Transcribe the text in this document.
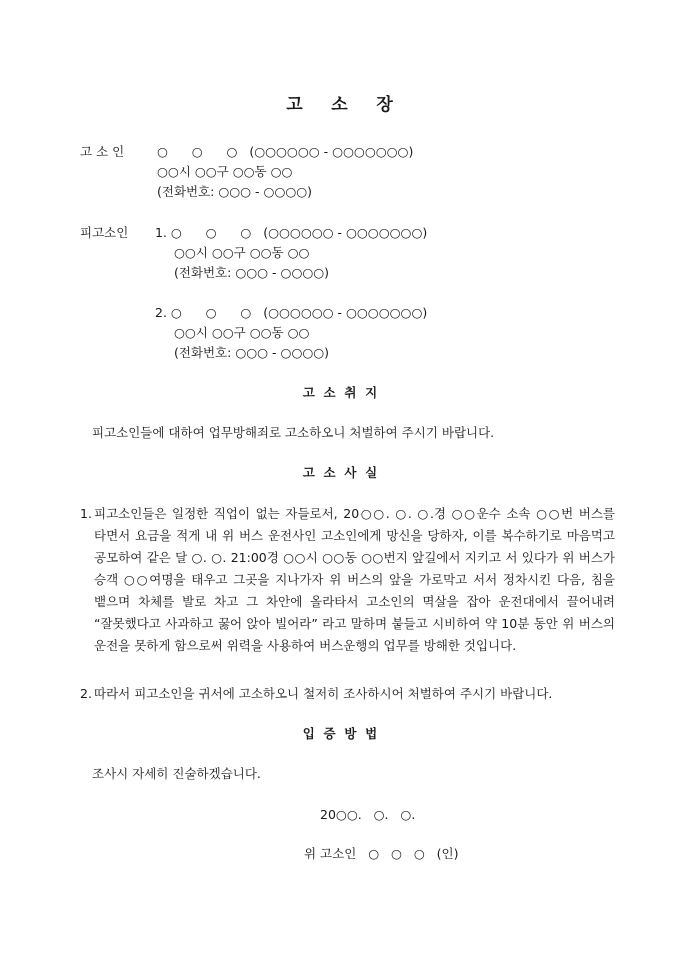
고    소    장
고 소 인	○      ○      ○   (○○○○○○ - ○○○○○○○)
○○시 ○○구 ○○동 ○○
(전화번호: ○○○ - ○○○○)
피고소인 1. ○      ○      ○   (○○○○○○ - ○○○○○○○)
○○시 ○○구 ○○동 ○○
(전화번호: ○○○ - ○○○○)
2. ○      ○      ○   (○○○○○○ - ○○○○○○○)
○○시 ○○구 ○○동 ○○
(전화번호: ○○○ - ○○○○)
고  소  취  지
피고소인들에 대하여 업무방해죄로 고소하오니 처벌하여 주시기 바랍니다.
고  소  사  실
1. 피고소인들은 일정한 직업이 없는 자들로서, 20○○. ○. ○.경 ○○운수 소속 ○○번 버스를 타면서 요금을 적게 내 위 버스 운전사인 고소인에게 망신을 당하자, 이를 복수하기로 마음먹고 공모하여 같은 달 ○. ○. 21:00경 ○○시 ○○동 ○○번지 앞길에서 지키고 서 있다가 위 버스가 승객 ○○여명을 태우고 그곳을 지나가자 위 버스의 앞을 가로막고 서서 정차시킨 다음, 침을 뱉으며 차체를 발로 차고 그 차안에 올라타서 고소인의 멱살을 잡아 운전대에서 끌어내려 “잘못했다고 사과하고 꿇어 앉아 빌어라” 라고 말하며 붙들고 시비하여 약 10분 동안 위 버스의 운전을 못하게 함으로써 위력을 사용하여 버스운행의 업무를 방해한 것입니다.
2. 따라서 피고소인을 귀서에 고소하오니 철저히 조사하시어 처벌하여 주시기 바랍니다.
입  증  방  법
조사시 자세히 진술하겠습니다.
20○○.   ○.   ○.
위 고소인   ○   ○   ○   (인)
